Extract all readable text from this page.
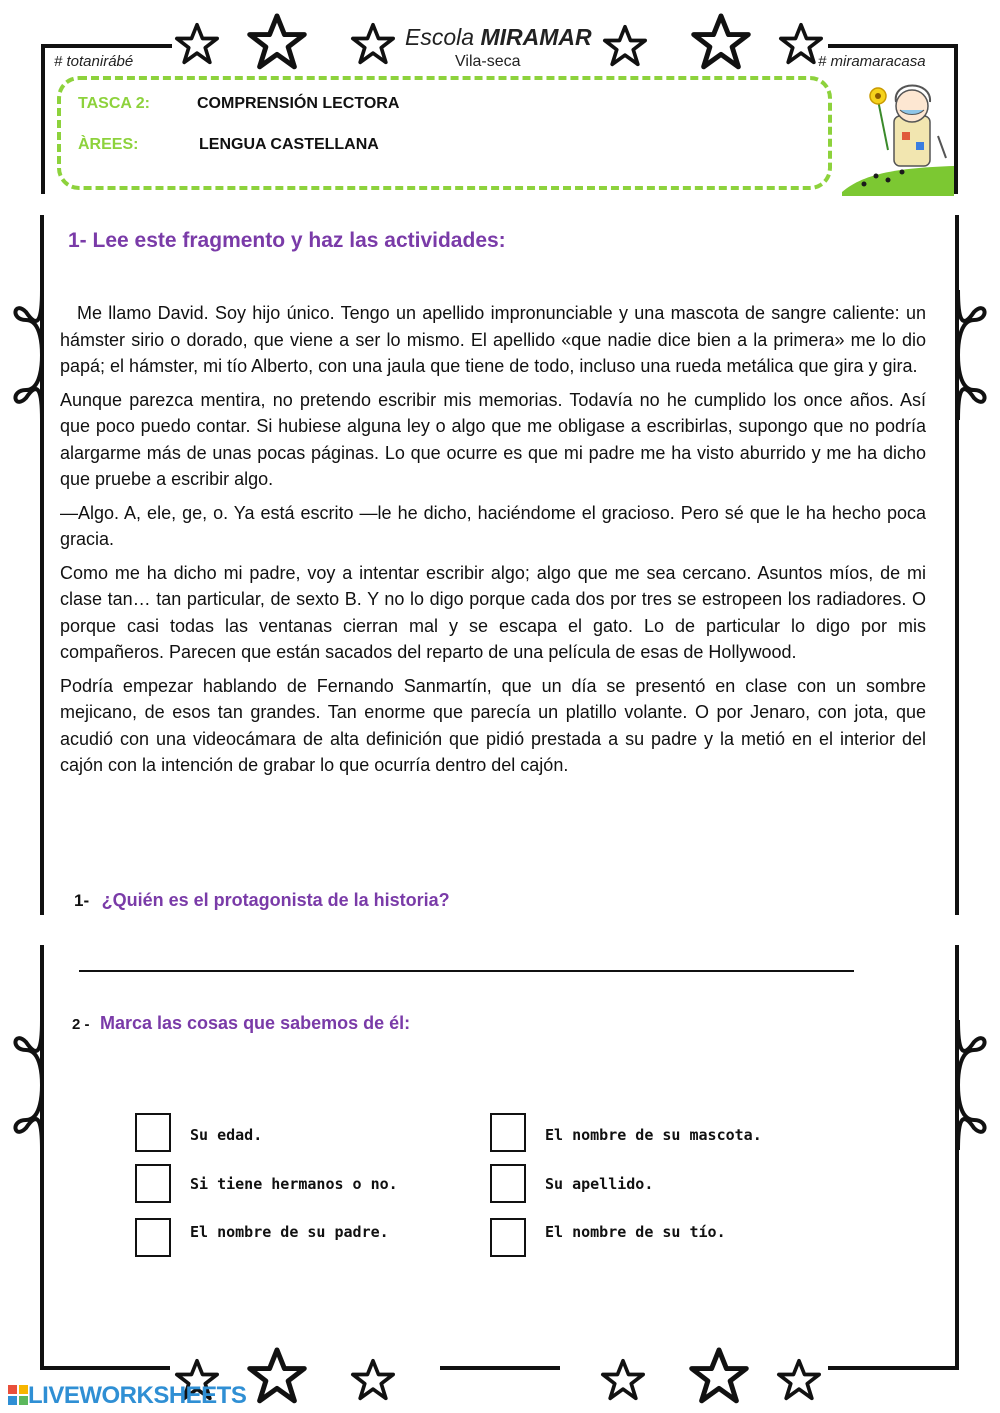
Escola MIRAMAR
Vila-seca
# totanirábé	# miramaracasa
TASCA 2:	COMPRENSIÓN LECTORA
ÀREES:	LENGUA CASTELLANA
1- Lee este fragmento y haz las actividades:

Me llamo David. Soy hijo único. Tengo un apellido impronunciable y una mascota de sangre caliente: un hámster sirio o dorado, que viene a ser lo mismo. El apellido «que nadie dice bien a la primera» me lo dio papá; el hámster, mi tío Alberto, con una jaula que tiene de todo, incluso una rueda metálica que gira y gira.

Aunque parezca mentira, no pretendo escribir mis memorias. Todavía no he cumplido los once años. Así que poco puedo contar. Si hubiese alguna ley o algo que me obligase a escribirlas, supongo que no podría alargarme más de unas pocas páginas. Lo que ocurre es que mi padre me ha visto aburrido y me ha dicho que pruebe a escribir algo.

—Algo. A, ele, ge, o. Ya está escrito —le he dicho, haciéndome el gracioso. Pero sé que le ha hecho poca gracia.

Como me ha dicho mi padre, voy a intentar escribir algo; algo que me sea cercano. Asuntos míos, de mi clase tan… tan particular, de sexto B. Y no lo digo porque cada dos por tres se estropeen los radiadores. O porque casi todas las ventanas cierran mal y se escapa el gato. Lo de particular lo digo por mis compañeros. Parecen que están sacados del reparto de una película de esas de Hollywood.

Podría empezar hablando de Fernando Sanmartín, que un día se presentó en clase con un sombre mejicano, de esos tan grandes. Tan enorme que parecía un platillo volante. O por Jenaro, con jota, que acudió con una videocámara de alta definición que pidió prestada a su padre y la metió en el interior del cajón con la intención de grabar lo que ocurría dentro del cajón.

1- ¿Quién es el protagonista de la historia?
2 - Marca las cosas que sabemos de él:
Su edad.	El nombre de su mascota.
Si tiene hermanos o no.	Su apellido.
El nombre de su padre.	El nombre de su tío.
LIVEWORKSHEETS
